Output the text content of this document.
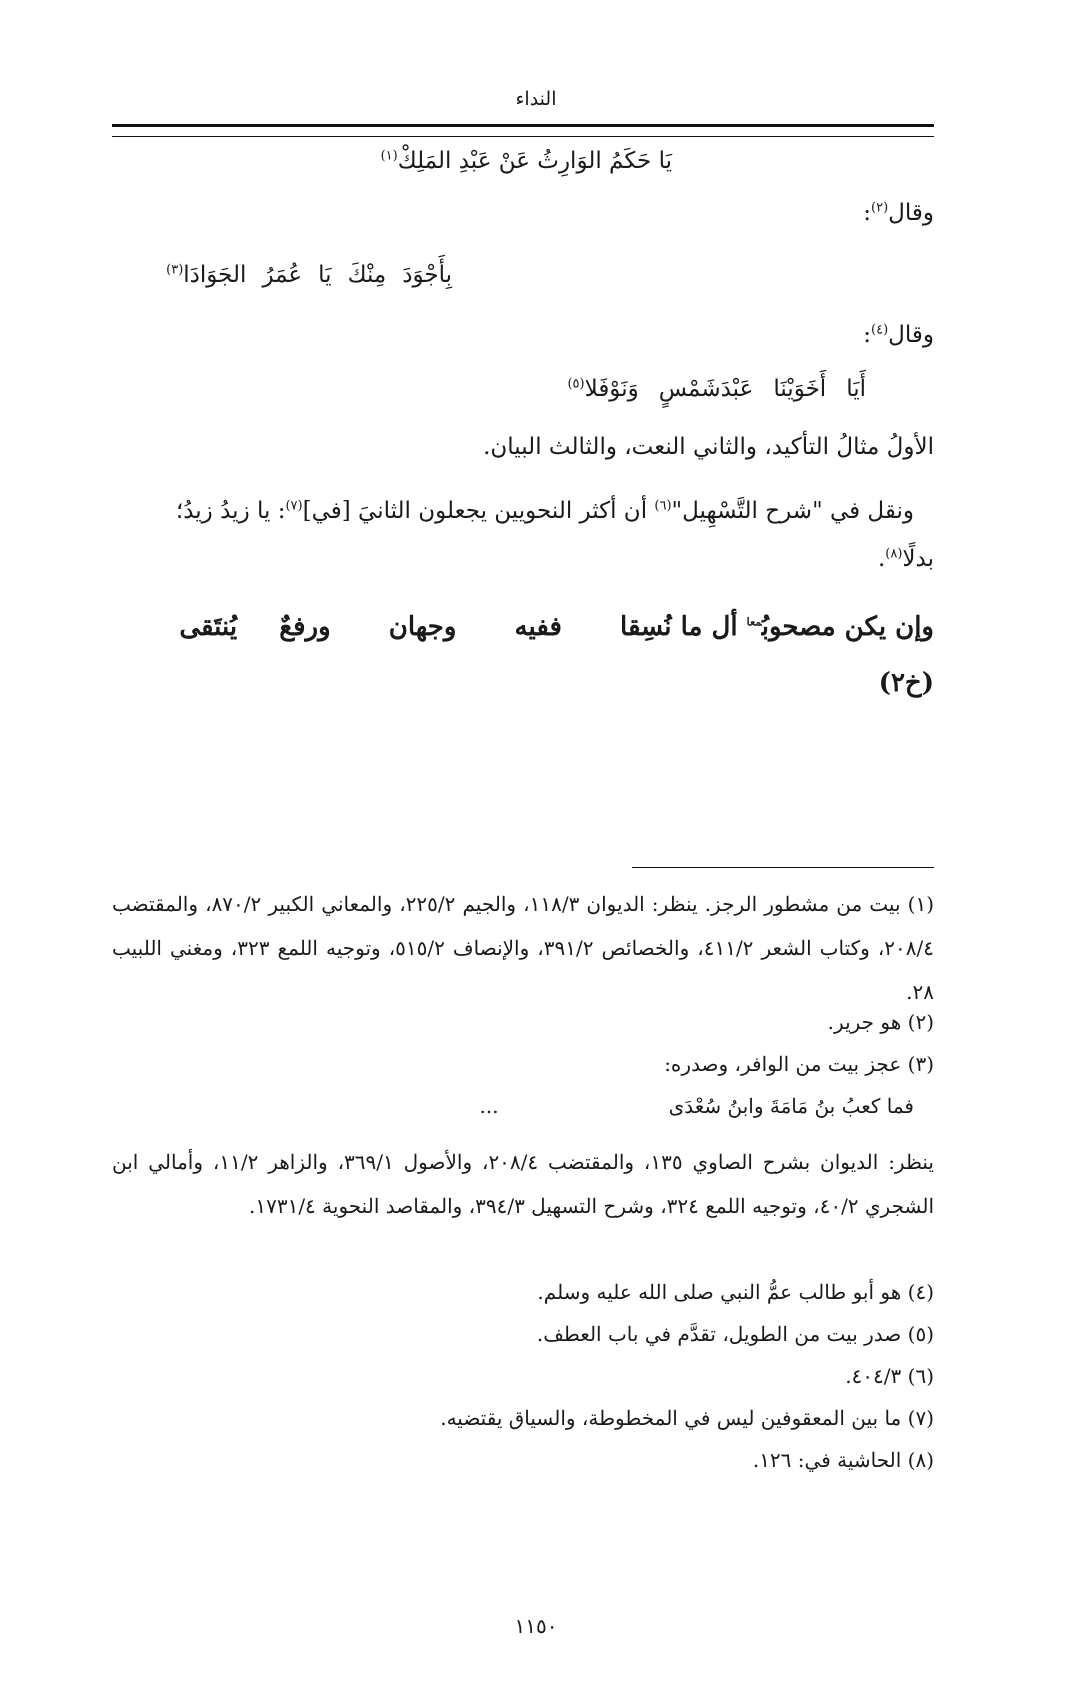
النداء
يَا حَكَمُ الوَارِثُ عَنْ عَبْدِ المَلِكْ$^{(١)}$
وقال$^{(٢)}$:
بِأَجْوَدَمِنْكَيَاعُمَرُالجَوَادَا$^{(٣)}$
وقال$^{(٤)}$:
أَيَاأَخَوَيْنَاعَبْدَشَمْسٍوَنَوْفَلا$^{(٥)}$
الأولُ مثالُ التأكيد، والثاني النعت، والثالث البيان.
ونقل في "شرح التَّسْهِيل"$^{(٦)}$ أن أكثر النحويين يجعلون الثانيَ [في]$^{(٧)}$: يا زيدُ زيدُ؛
بدلًا$^{(٨)}$.
وإن يكن مصحوبُ$^{معا}$ أل ما نُسِقا  ففيه  وجهان  ورفعٌ  يُنتَقى
(خ٢)
(١) بيت من مشطور الرجز. ينظر: الديوان ١١٨/٣، والجيم ٢٢٥/٢، والمعاني الكبير ٨٧٠/٢، والمقتضب ٢٠٨/٤، وكتاب الشعر ٤١١/٢، والخصائص ٣٩١/٢، والإنصاف ٥١٥/٢، وتوجيه اللمع ٣٢٣، ومغني اللبيب ٢٨.
(٢) هو جرير.
(٣) عجز بيت من الوافر، وصدره:
فما كعبُ بنُ مَامَةَ وابنُ سُعْدَى...
ينظر: الديوان بشرح الصاوي ١٣٥، والمقتضب ٢٠٨/٤، والأصول ٣٦٩/١، والزاهر ١١/٢، وأمالي ابن الشجري ٤٠/٢، وتوجيه اللمع ٣٢٤، وشرح التسهيل ٣٩٤/٣، والمقاصد النحوية ١٧٣١/٤.
(٤) هو أبو طالب عمُّ النبي صلى الله عليه وسلم.
(٥) صدر بيت من الطويل، تقدَّم في باب العطف.
(٦) ٤٠٤/٣.
(٧) ما بين المعقوفين ليس في المخطوطة، والسياق يقتضيه.
(٨) الحاشية في: ١٢٦.
١١٥٠
